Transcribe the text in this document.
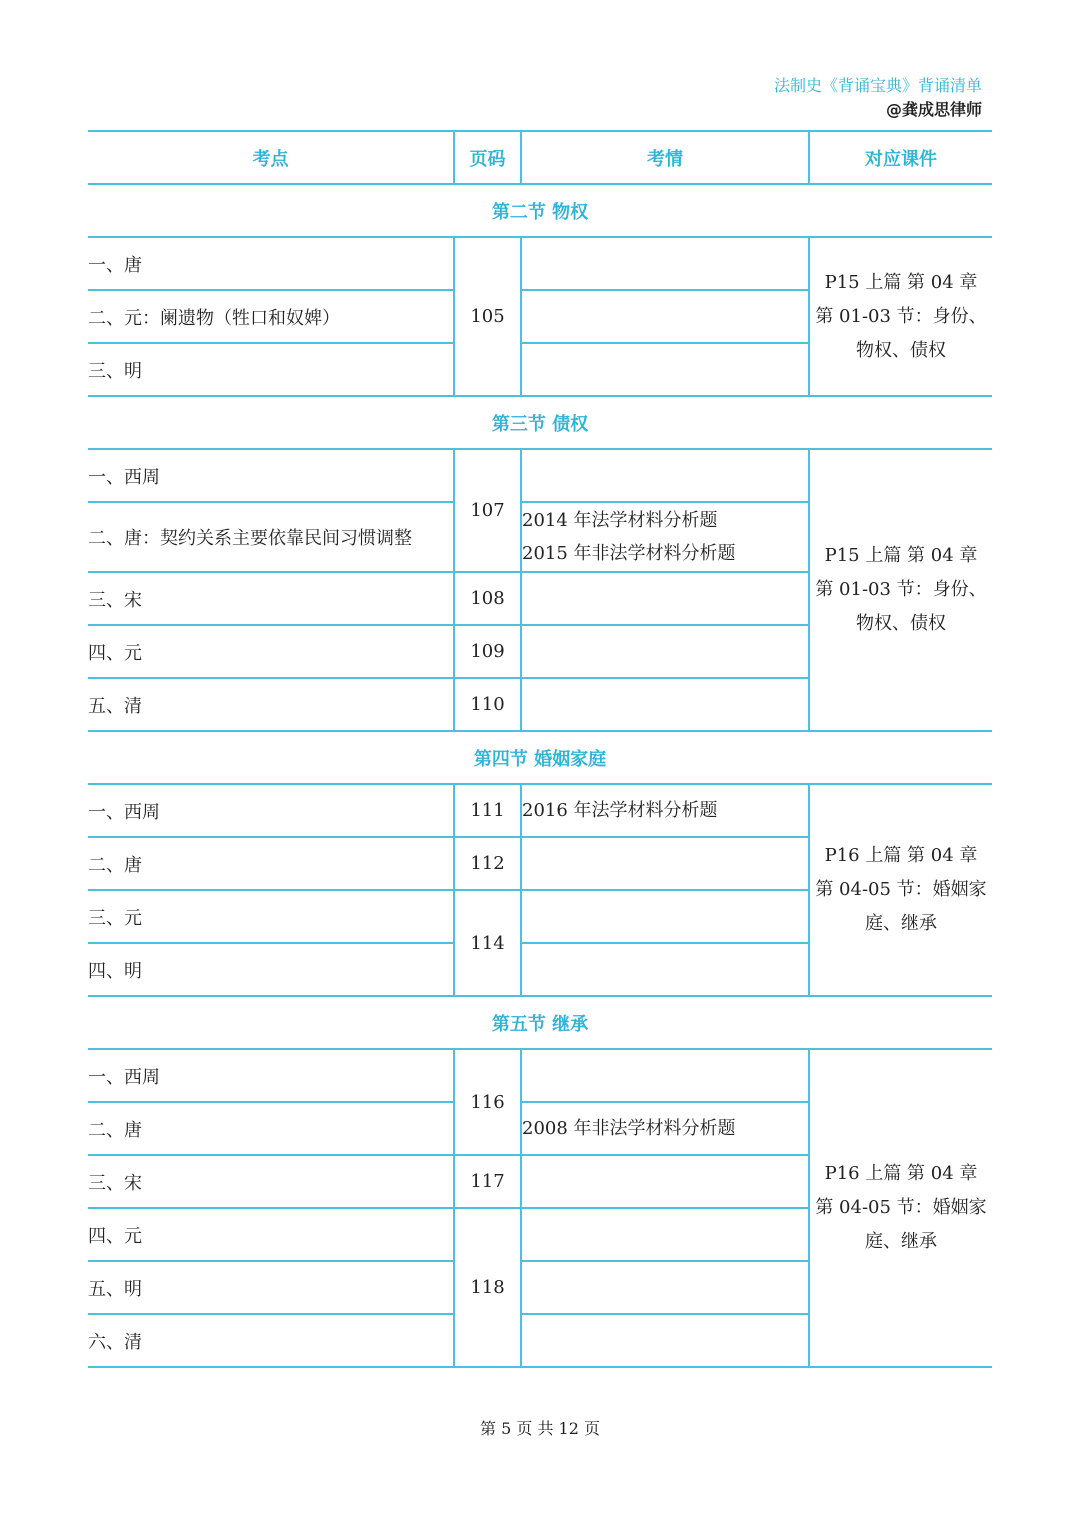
法制史《背诵宝典》背诵清单
@龚成思律师
考点	页码	考情	对应课件
第二节 物权			
一、唐	105		P15 上篇 第 04 章
第 01-03 节：身份、
物权、债权

二、元：阑遗物（牲口和奴婢）			
三、明			
第三节 债权			
一、西周	107		P15 上篇 第 04 章
第 01-03 节：身份、
物权、债权

二、唐：契约关系主要依靠民间习惯调整		2014 年法学材料分析题
2015 年非法学材料分析题	

三、宋	108		
四、元	109		
五、清	110		
第四节 婚姻家庭			
一、西周	111	2016 年法学材料分析题	P16 上篇 第 04 章
第 04-05 节：婚姻家
庭、继承

二、唐	112		
三、元	114		
四、明			
第五节 继承			
一、西周	116		P16 上篇 第 04 章
第 04-05 节：婚姻家
庭、继承

二、唐		2008 年非法学材料分析题	
三、宋	117		
四、元	118		
五、明			
六、清			
第 5 页 共 12 页
